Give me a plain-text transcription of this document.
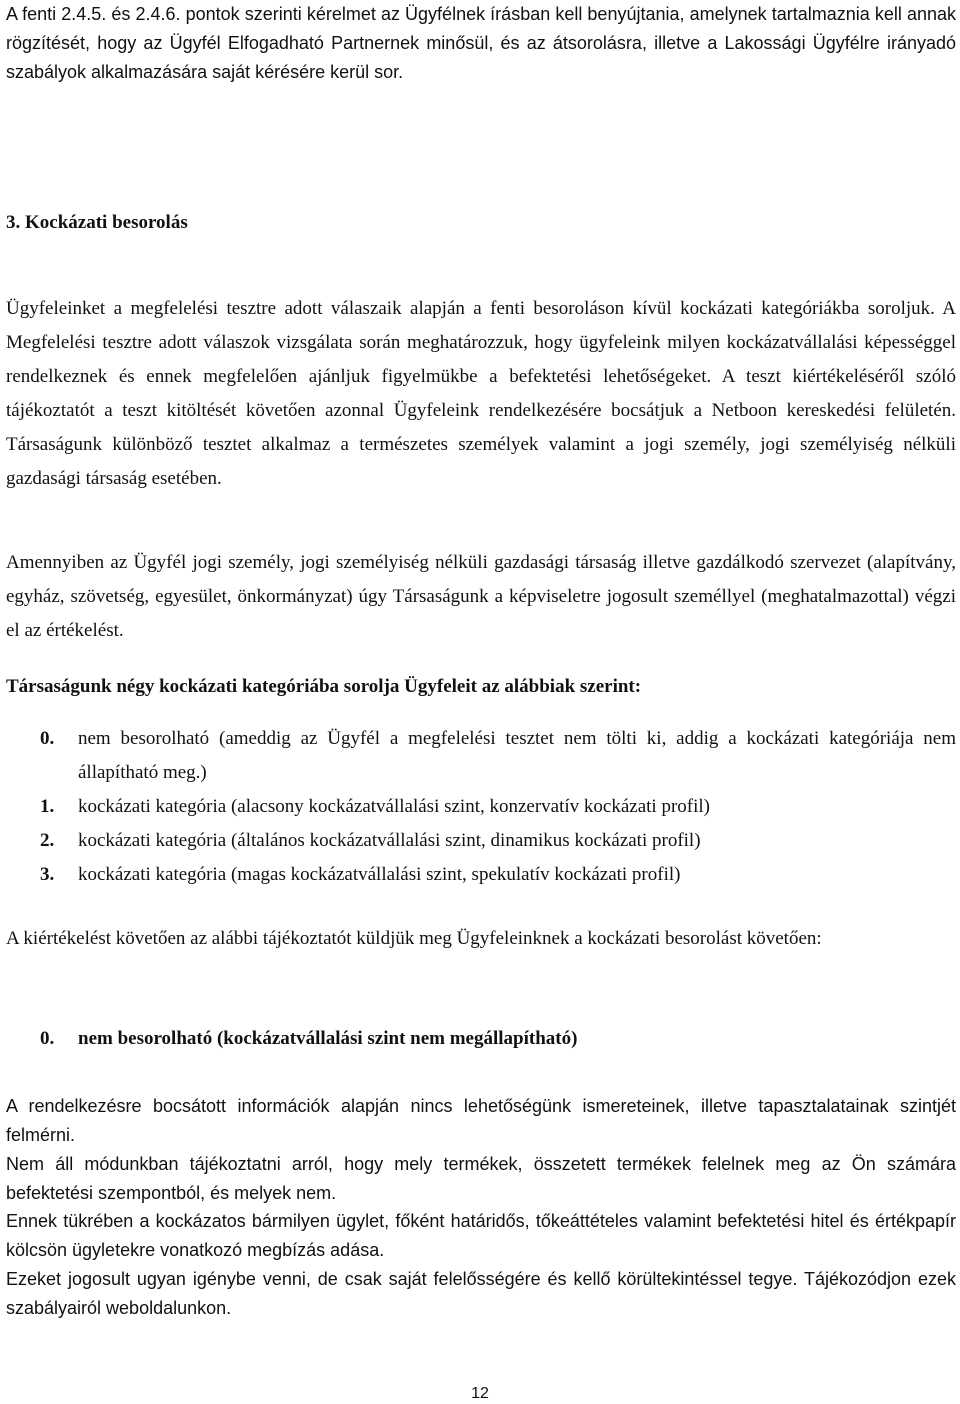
A fenti 2.4.5. és 2.4.6. pontok szerinti kérelmet az Ügyfélnek írásban kell benyújtania, amelynek tartalmaznia kell annak rögzítését, hogy az Ügyfél Elfogadható Partnernek minősül, és az átsorolásra, illetve a Lakossági Ügyfélre irányadó szabályok alkalmazására saját kérésére kerül sor.

3. Kockázati besorolás

Ügyfeleinket a megfelelési tesztre adott válaszaik alapján a fenti besoroláson kívül kockázati kategóriákba soroljuk. A Megfelelési tesztre adott válaszok vizsgálata során meghatározzuk, hogy ügyfeleink milyen kockázatvállalási képességgel rendelkeznek és ennek megfelelően ajánljuk figyelmükbe a befektetési lehetőségeket. A teszt kiértékeléséről szóló tájékoztatót a teszt kitöltését követően azonnal Ügyfeleink rendelkezésére bocsátjuk a Netboon kereskedési felületén. Társaságunk különböző tesztet alkalmaz a természetes személyek valamint a jogi személy, jogi személyiség nélküli gazdasági társaság esetében.

Amennyiben az Ügyfél jogi személy, jogi személyiség nélküli gazdasági társaság illetve gazdálkodó szervezet (alapítvány, egyház, szövetség, egyesület, önkormányzat) úgy Társaságunk a képviseletre jogosult személlyel (meghatalmazottal) végzi el az értékelést.

Társaságunk négy kockázati kategóriába sorolja Ügyfeleit az alábbiak szerint:

0.	nem besorolható (ameddig az Ügyfél a megfelelési tesztet nem tölti ki, addig a kockázati kategóriája nem állapítható meg.)
1.	kockázati kategória (alacsony kockázatvállalási szint, konzervatív kockázati profil)
2.	kockázati kategória (általános kockázatvállalási szint, dinamikus kockázati profil)
3.	kockázati kategória (magas kockázatvállalási szint, spekulatív kockázati profil)

A kiértékelést követően az alábbi tájékoztatót küldjük meg Ügyfeleinknek a kockázati besorolást követően:

0.	nem besorolható (kockázatvállalási szint nem megállapítható)

A rendelkezésre bocsátott információk alapján nincs lehetőségünk ismereteinek, illetve tapasztalatainak szintjét felmérni.

Nem áll módunkban tájékoztatni arról, hogy mely termékek, összetett termékek felelnek meg az Ön számára befektetési szempontból, és melyek nem.

Ennek tükrében a kockázatos bármilyen ügylet, főként határidős, tőkeáttételes valamint befektetési hitel és értékpapír kölcsön ügyletekre vonatkozó megbízás adása.

Ezeket jogosult ugyan igénybe venni, de csak saját felelősségére és kellő körültekintéssel tegye. Tájékozódjon ezek szabályairól weboldalunkon.

12
